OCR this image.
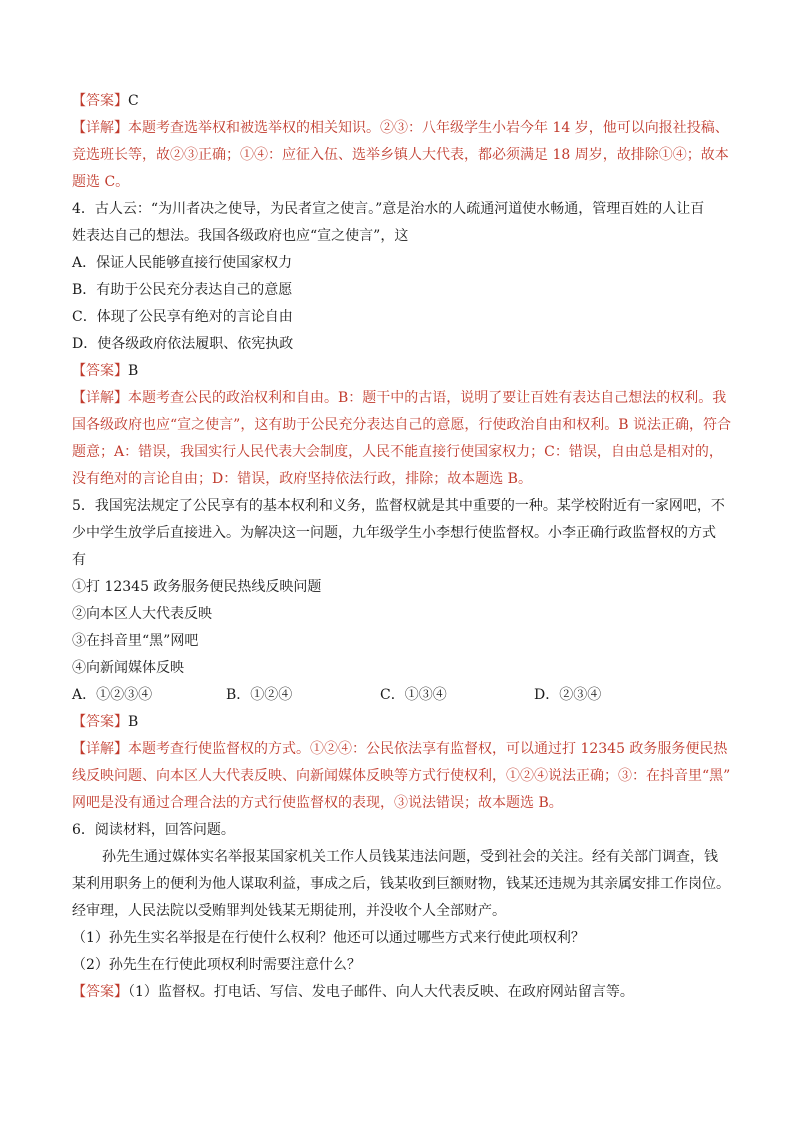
【答案】C
【详解】本题考查选举权和被选举权的相关知识。②③：八年级学生小岩今年 14 岁，他可以向报社投稿、
竞选班长等，故②③正确；①④：应征入伍、选举乡镇人大代表，都必须满足 18 周岁，故排除①④；故本
题选 C。
4．古人云：“为川者决之使导，为民者宣之使言。”意是治水的人疏通河道使水畅通，管理百姓的人让百
姓表达自己的想法。我国各级政府也应“宣之使言”，这
A．保证人民能够直接行使国家权力
B．有助于公民充分表达自己的意愿
C．体现了公民享有绝对的言论自由
D．使各级政府依法履职、依宪执政
【答案】B
【详解】本题考查公民的政治权利和自由。B：题干中的古语，说明了要让百姓有表达自己想法的权利。我
国各级政府也应“宣之使言”，这有助于公民充分表达自己的意愿，行使政治自由和权利。B 说法正确，符合
题意；A：错误，我国实行人民代表大会制度，人民不能直接行使国家权力；C：错误，自由总是相对的，
没有绝对的言论自由；D：错误，政府坚持依法行政，排除；故本题选 B。
5．我国宪法规定了公民享有的基本权利和义务，监督权就是其中重要的一种。某学校附近有一家网吧，不
少中学生放学后直接进入。为解决这一问题，九年级学生小李想行使监督权。小李正确行政监督权的方式
有
①打 12345 政务服务便民热线反映问题
②向本区人大代表反映
③在抖音里“黑”网吧
④向新闻媒体反映
A．①②③④	B．①②④	C．①③④	D．②③④
【答案】B
【详解】本题考查行使监督权的方式。①②④：公民依法享有监督权，可以通过打 12345 政务服务便民热
线反映问题、向本区人大代表反映、向新闻媒体反映等方式行使权利，①②④说法正确；③：在抖音里“黑”
网吧是没有通过合理合法的方式行使监督权的表现，③说法错误；故本题选 B。
6．阅读材料，回答问题。
孙先生通过媒体实名举报某国家机关工作人员钱某违法问题，受到社会的关注。经有关部门调查，钱
某利用职务上的便利为他人谋取利益，事成之后，钱某收到巨额财物，钱某还违规为其亲属安排工作岗位。
经审理，人民法院以受贿罪判处钱某无期徒刑，并没收个人全部财产。
（1）孙先生实名举报是在行使什么权利？他还可以通过哪些方式来行使此项权利？
（2）孙先生在行使此项权利时需要注意什么？
【答案】（1）监督权。打电话、写信、发电子邮件、向人大代表反映、在政府网站留言等。
